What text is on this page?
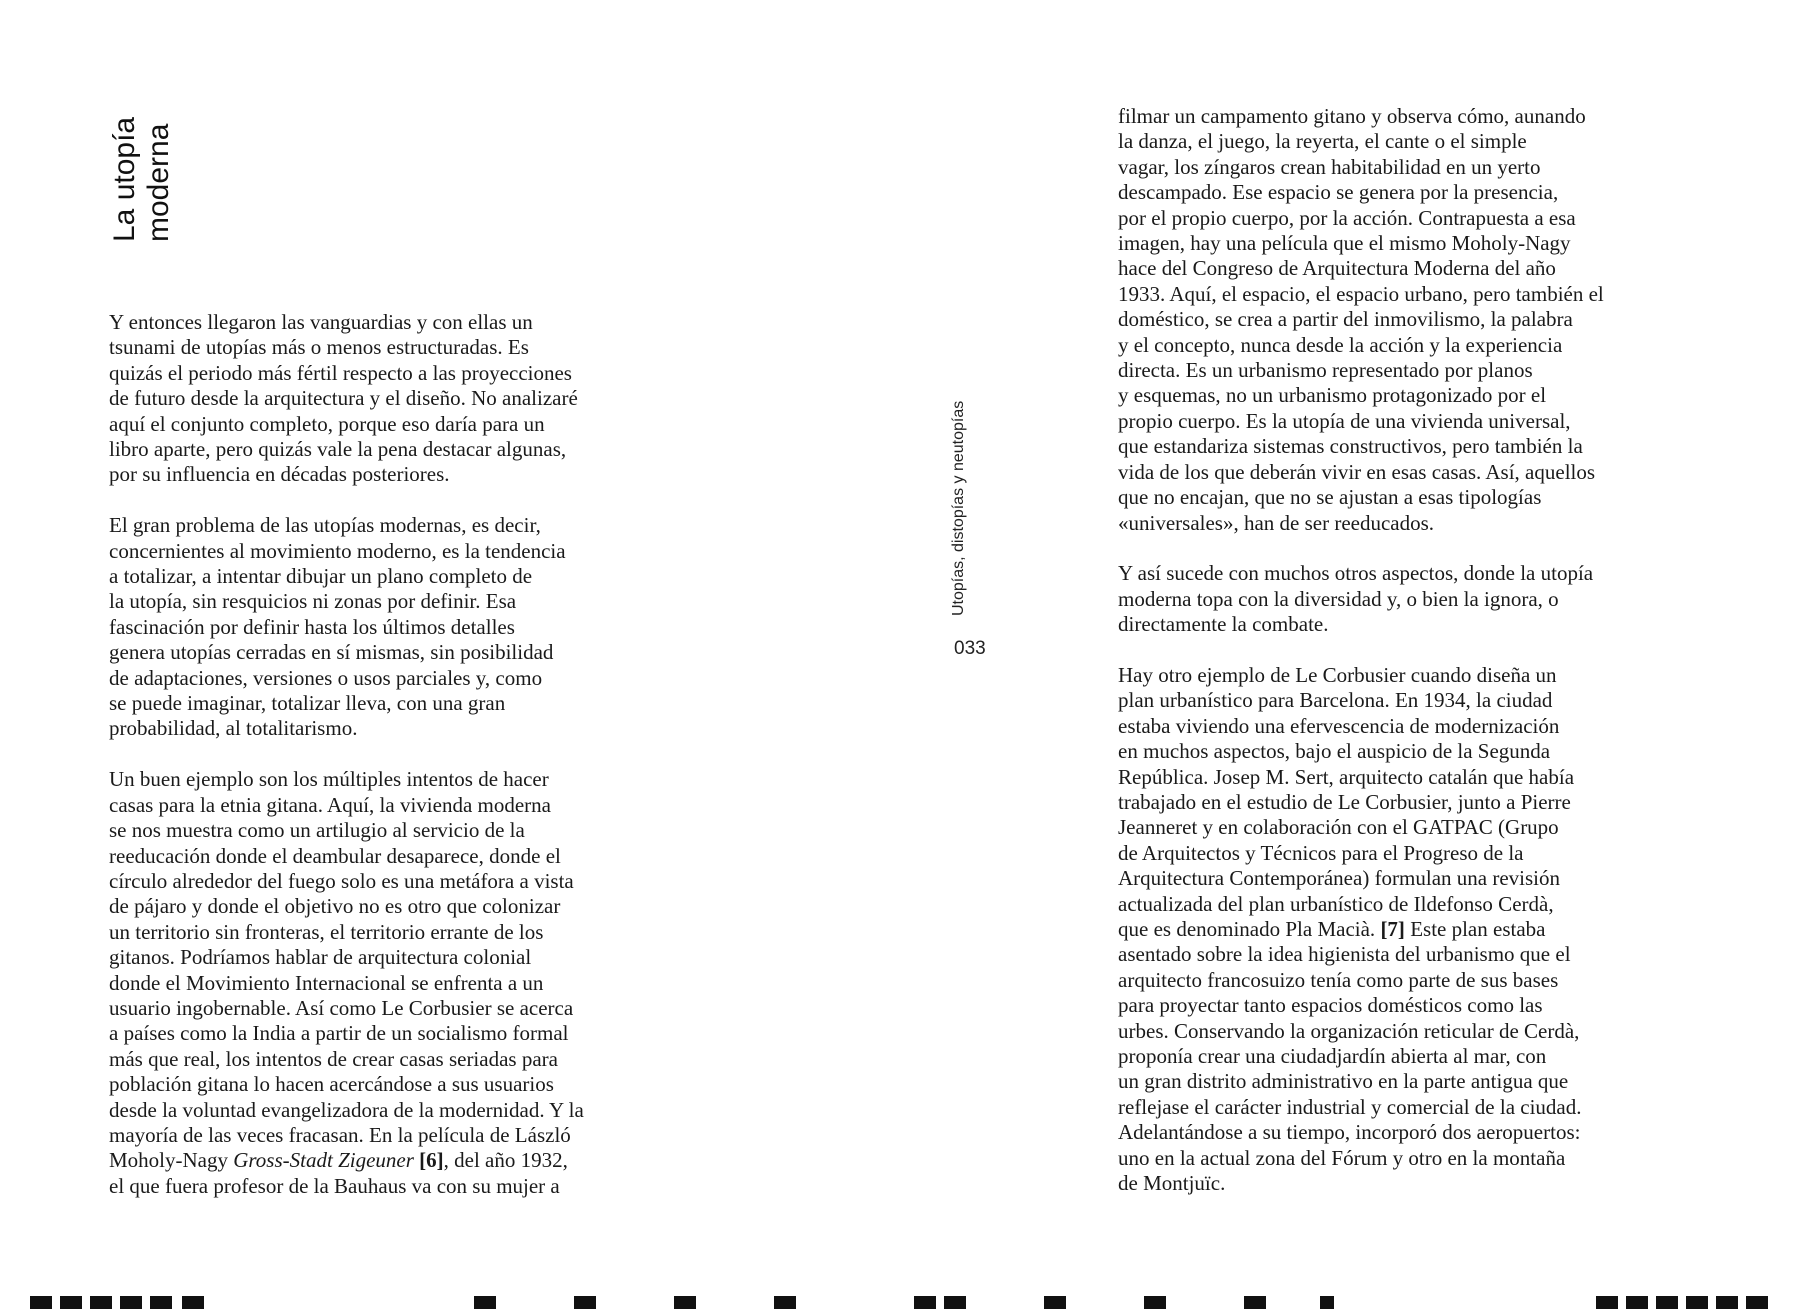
La utopía moderna

Y entonces llegaron las vanguardias y con ellas un
tsunami de utopías más o menos estructuradas. Es
quizás el periodo más fértil respecto a las proyecciones
de futuro desde la arquitectura y el diseño. No analizaré
aquí el conjunto completo, porque eso daría para un
libro aparte, pero quizás vale la pena destacar algunas,
por su influencia en décadas posteriores.

El gran problema de las utopías modernas, es decir,
concernientes al movimiento moderno, es la tendencia
a totalizar, a intentar dibujar un plano completo de
la utopía, sin resquicios ni zonas por definir. Esa
fascinación por definir hasta los últimos detalles
genera utopías cerradas en sí mismas, sin posibilidad
de adaptaciones, versiones o usos parciales y, como
se puede imaginar, totalizar lleva, con una gran
probabilidad, al totalitarismo.

Un buen ejemplo son los múltiples intentos de hacer
casas para la etnia gitana. Aquí, la vivienda moderna
se nos muestra como un artilugio al servicio de la
reeducación donde el deambular desaparece, donde el
círculo alrededor del fuego solo es una metáfora a vista
de pájaro y donde el objetivo no es otro que colonizar
un territorio sin fronteras, el territorio errante de los
gitanos. Podríamos hablar de arquitectura colonial
donde el Movimiento Internacional se enfrenta a un
usuario ingobernable. Así como Le Corbusier se acerca
a países como la India a partir de un socialismo formal
más que real, los intentos de crear casas seriadas para
población gitana lo hacen acercándose a sus usuarios
desde la voluntad evangelizadora de la modernidad. Y la
mayoría de las veces fracasan. En la película de László
Moholy-Nagy Gross-Stadt Zigeuner [6], del año 1932,
el que fuera profesor de la Bauhaus va con su mujer a

Utopías, distopías y neutopías
033

filmar un campamento gitano y observa cómo, aunando
la danza, el juego, la reyerta, el cante o el simple
vagar, los zíngaros crean habitabilidad en un yerto
descampado. Ese espacio se genera por la presencia,
por el propio cuerpo, por la acción. Contrapuesta a esa
imagen, hay una película que el mismo Moholy-Nagy
hace del Congreso de Arquitectura Moderna del año
1933. Aquí, el espacio, el espacio urbano, pero también el
doméstico, se crea a partir del inmovilismo, la palabra
y el concepto, nunca desde la acción y la experiencia
directa. Es un urbanismo representado por planos
y esquemas, no un urbanismo protagonizado por el
propio cuerpo. Es la utopía de una vivienda universal,
que estandariza sistemas constructivos, pero también la
vida de los que deberán vivir en esas casas. Así, aquellos
que no encajan, que no se ajustan a esas tipologías
«universales», han de ser reeducados.

Y así sucede con muchos otros aspectos, donde la utopía
moderna topa con la diversidad y, o bien la ignora, o
directamente la combate.

Hay otro ejemplo de Le Corbusier cuando diseña un
plan urbanístico para Barcelona. En 1934, la ciudad
estaba viviendo una efervescencia de modernización
en muchos aspectos, bajo el auspicio de la Segunda
República. Josep M. Sert, arquitecto catalán que había
trabajado en el estudio de Le Corbusier, junto a Pierre
Jeanneret y en colaboración con el GATPAC (Grupo
de Arquitectos y Técnicos para el Progreso de la
Arquitectura Contemporánea) formulan una revisión
actualizada del plan urbanístico de Ildefonso Cerdà,
que es denominado Pla Macià. [7] Este plan estaba
asentado sobre la idea higienista del urbanismo que el
arquitecto francosuizo tenía como parte de sus bases
para proyectar tanto espacios domésticos como las
urbes. Conservando la organización reticular de Cerdà,
proponía crear una ciudadjardín abierta al mar, con
un gran distrito administrativo en la parte antigua que
reflejase el carácter industrial y comercial de la ciudad.
Adelantándose a su tiempo, incorporó dos aeropuertos:
uno en la actual zona del Fórum y otro en la montaña
de Montjuïc.
